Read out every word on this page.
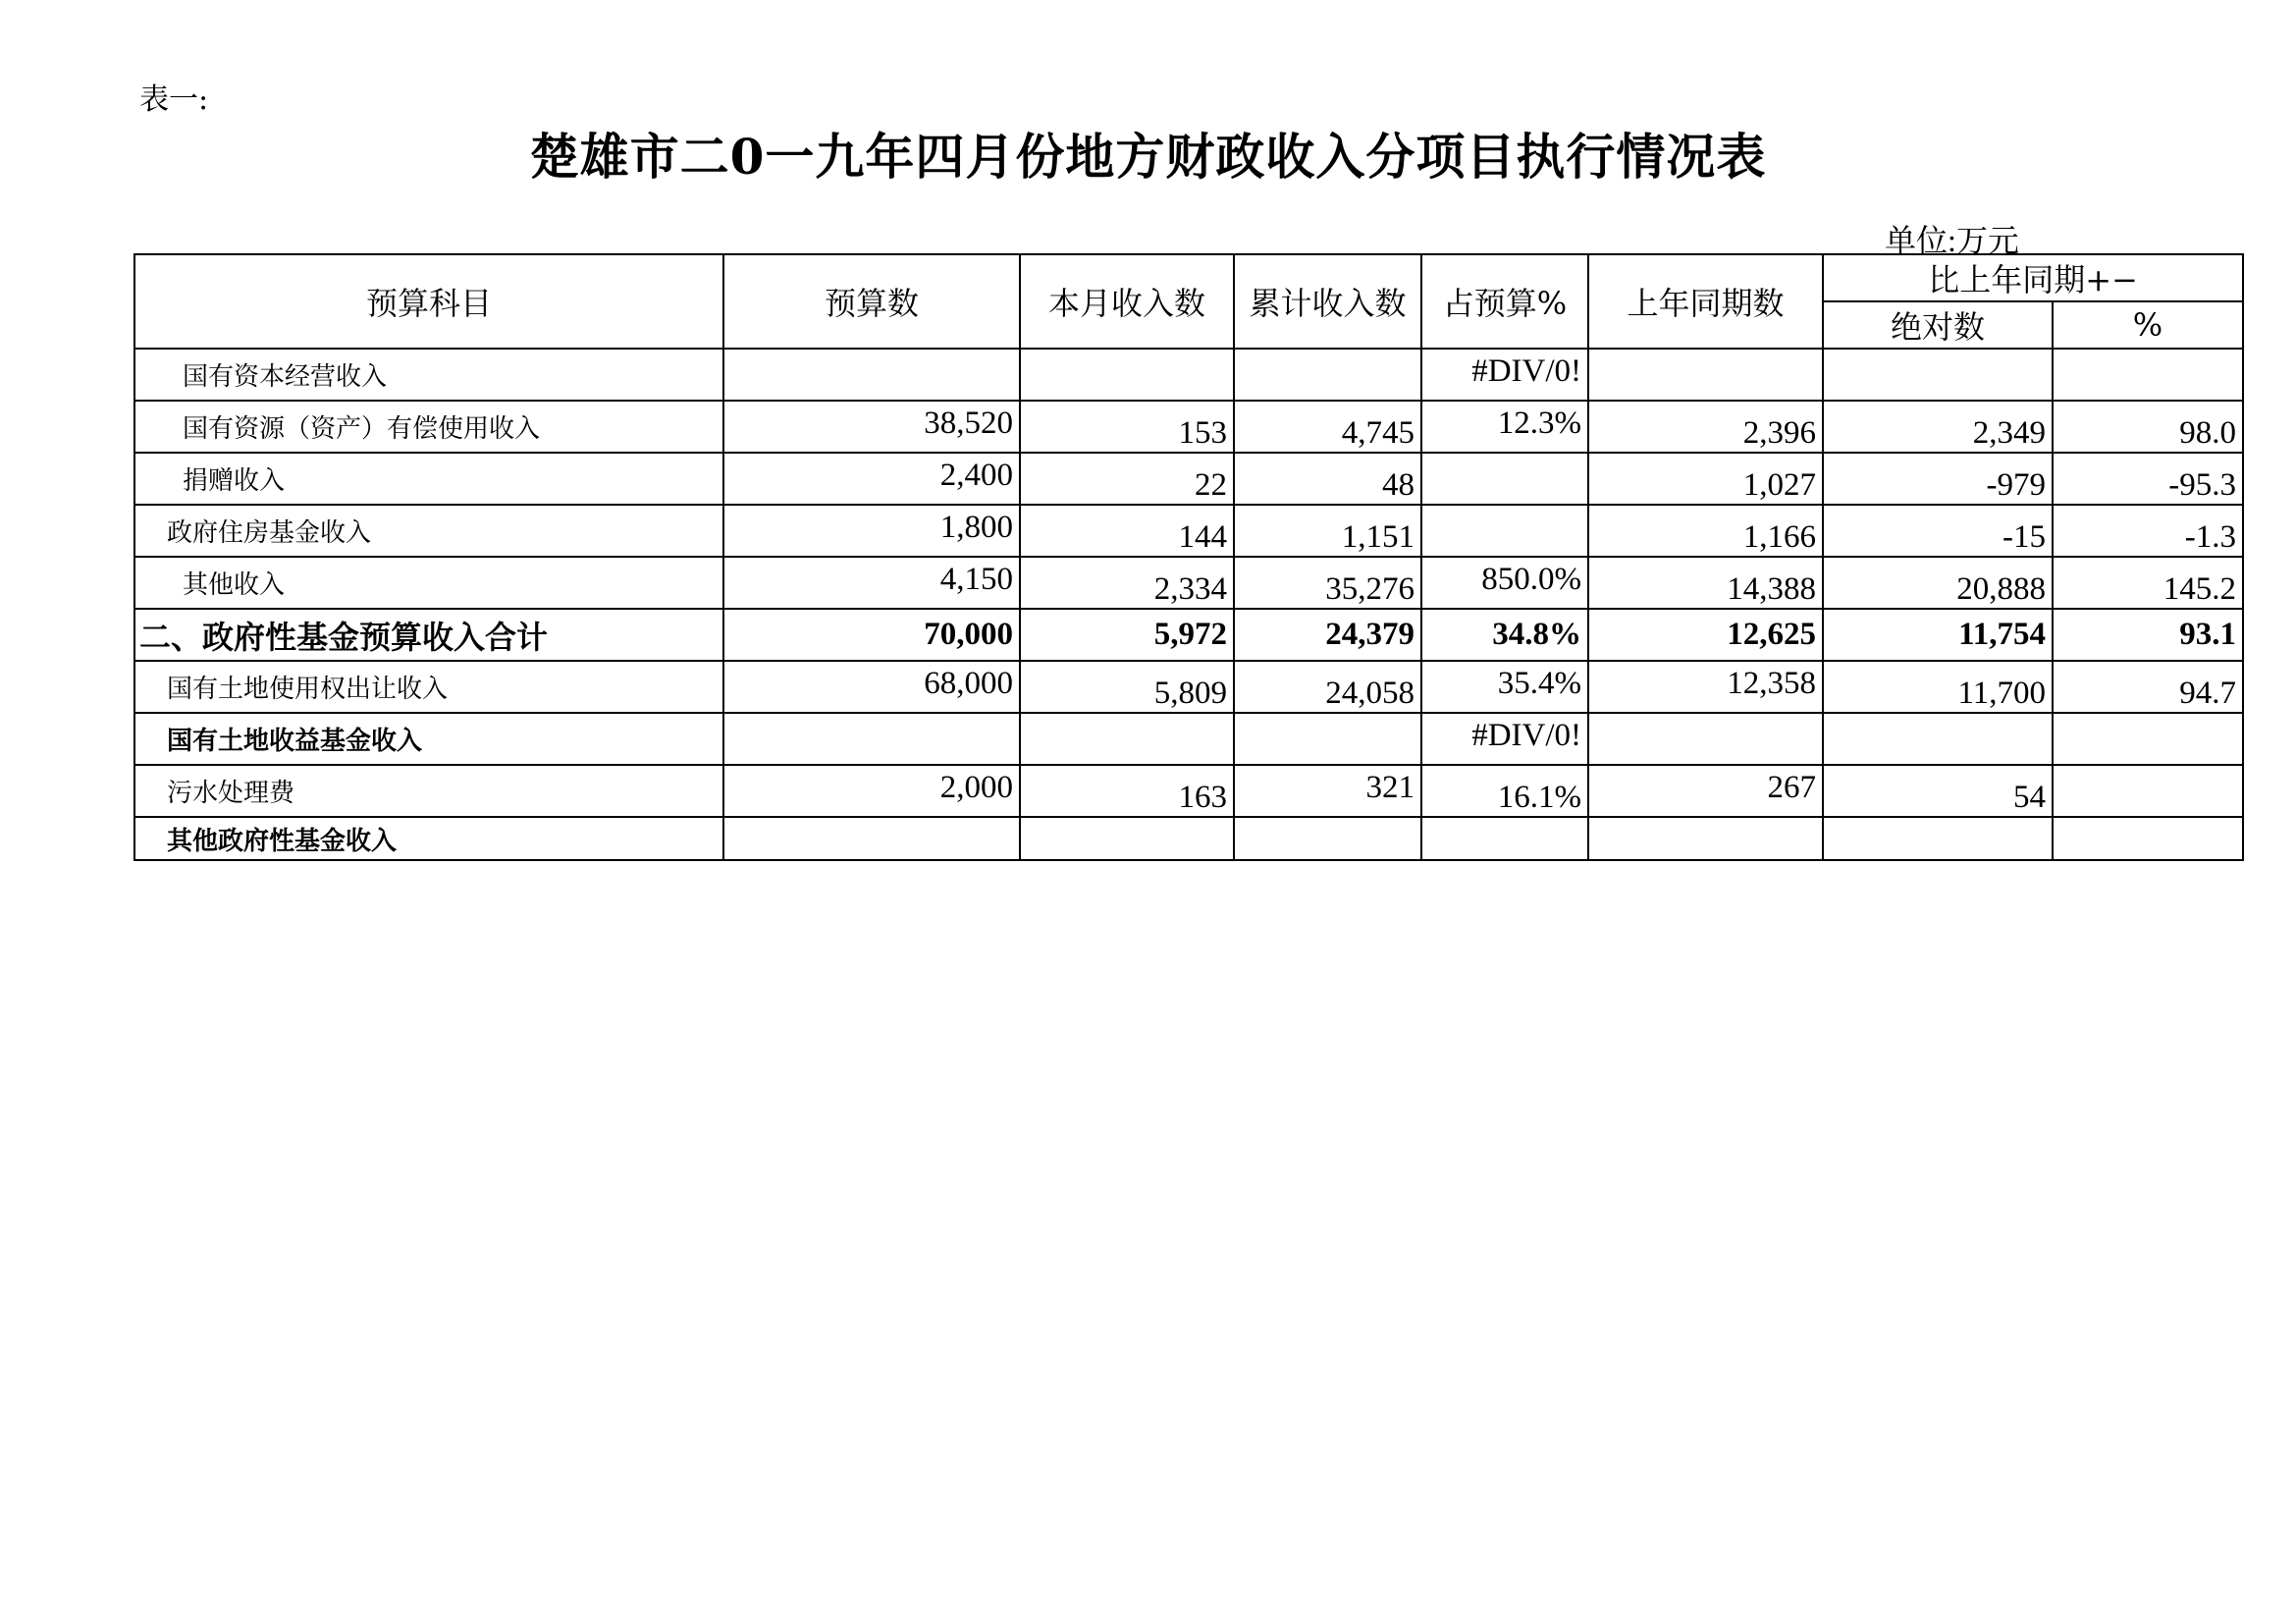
表一:
楚雄市二0一九年四月份地方财政收入分项目执行情况表
单位:万元
预算科目	预算数	本月收入数	累计收入数	占预算%	上年同期数	比上年同期+−	
						绝对数	%
国有资本经营收入				#DIV/0!			
国有资源（资产）有偿使用收入	38,520	153	4,745	12.3%	2,396	2,349	98.0
捐赠收入	2,400	22	48		1,027	-979	-95.3
政府住房基金收入	1,800	144	1,151		1,166	-15	-1.3
其他收入	4,150	2,334	35,276	850.0%	14,388	20,888	145.2
二、政府性基金预算收入合计	70,000	5,972	24,379	34.8%	12,625	11,754	93.1
国有土地使用权出让收入	68,000	5,809	24,058	35.4%	12,358	11,700	94.7
国有土地收益基金收入				#DIV/0!			
污水处理费	2,000	163	321	16.1%	267	54	
其他政府性基金收入							
